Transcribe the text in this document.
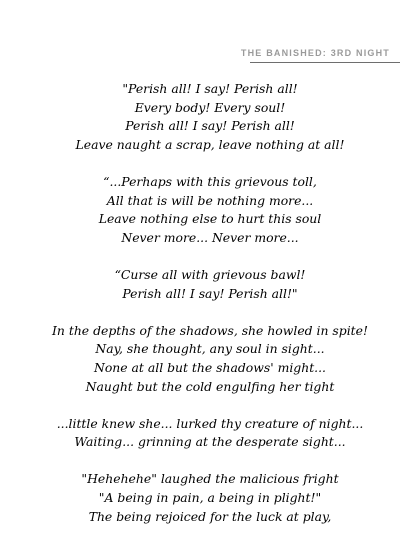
THE BANISHED: 3RD NIGHT
"Perish all! I say! Perish all!
Every body! Every soul!
Perish all! I say! Perish all!
Leave naught a scrap, leave nothing at all!
“...Perhaps with this grievous toll,
All that is will be nothing more...
Leave nothing else to hurt this soul
Never more... Never more...
“Curse all with grievous bawl!
Perish all! I say! Perish all!"
In the depths of the shadows, she howled in spite!
Nay, she thought, any soul in sight...
None at all but the shadows' might...
Naught but the cold engulfing her tight
...little knew she... lurked thy creature of night...
Waiting... grinning at the desperate sight...
"Hehehehe" laughed the malicious fright
"A being in pain, a being in plight!"
The being rejoiced for the luck at play,
